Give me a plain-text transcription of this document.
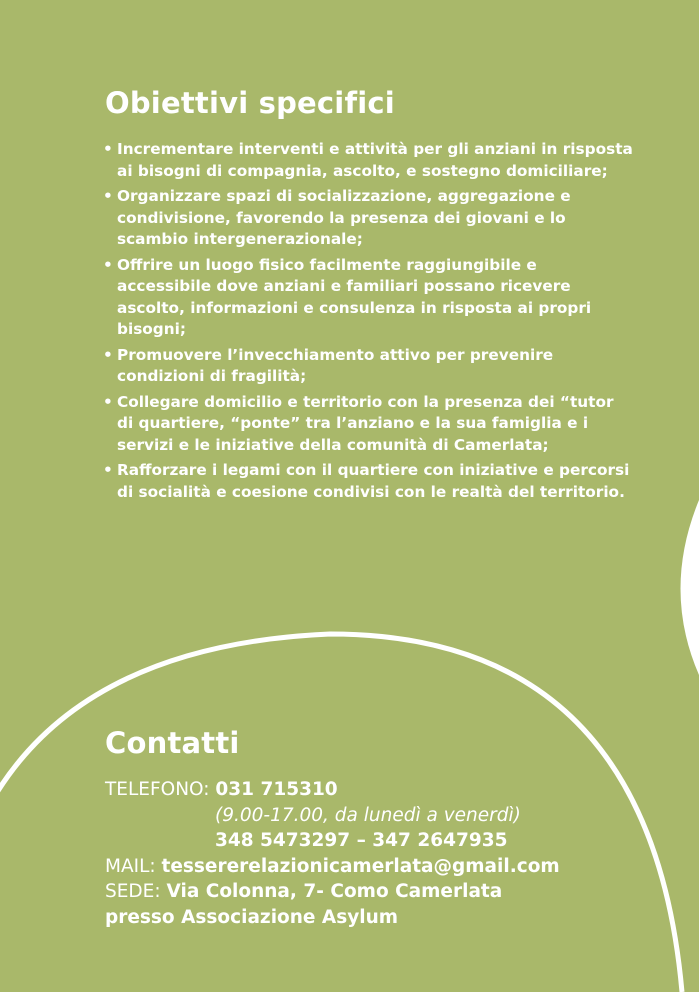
Obiettivi specifici
• Incrementare interventi e attività per gli anziani in risposta ai bisogni di compagnia, ascolto, e sostegno domiciliare;
• Organizzare spazi di socializzazione, aggregazione e condivisione, favorendo la presenza dei giovani e lo scambio intergenerazionale;
• Offrire un luogo fisico facilmente raggiungibile e accessibile dove anziani e familiari possano ricevere ascolto, informazioni e consulenza in risposta ai propri bisogni;
• Promuovere l’invecchiamento attivo per prevenire condizioni di fragilità;
• Collegare domicilio e territorio con la presenza dei “tutor di quartiere, “ponte” tra l’anziano e la sua famiglia e i servizi e le iniziative della comunità di Camerlata;
• Rafforzare i legami con il quartiere con iniziative e percorsi di socialità e coesione condivisi con le realtà del territorio.
Contatti
TELEFONO: 031 715310
(9.00-17.00, da lunedì a venerdì)
348 5473297 – 347 2647935
MAIL: tessererelazionicamerlata@gmail.com
SEDE: Via Colonna, 7- Como Camerlata
presso Associazione Asylum
